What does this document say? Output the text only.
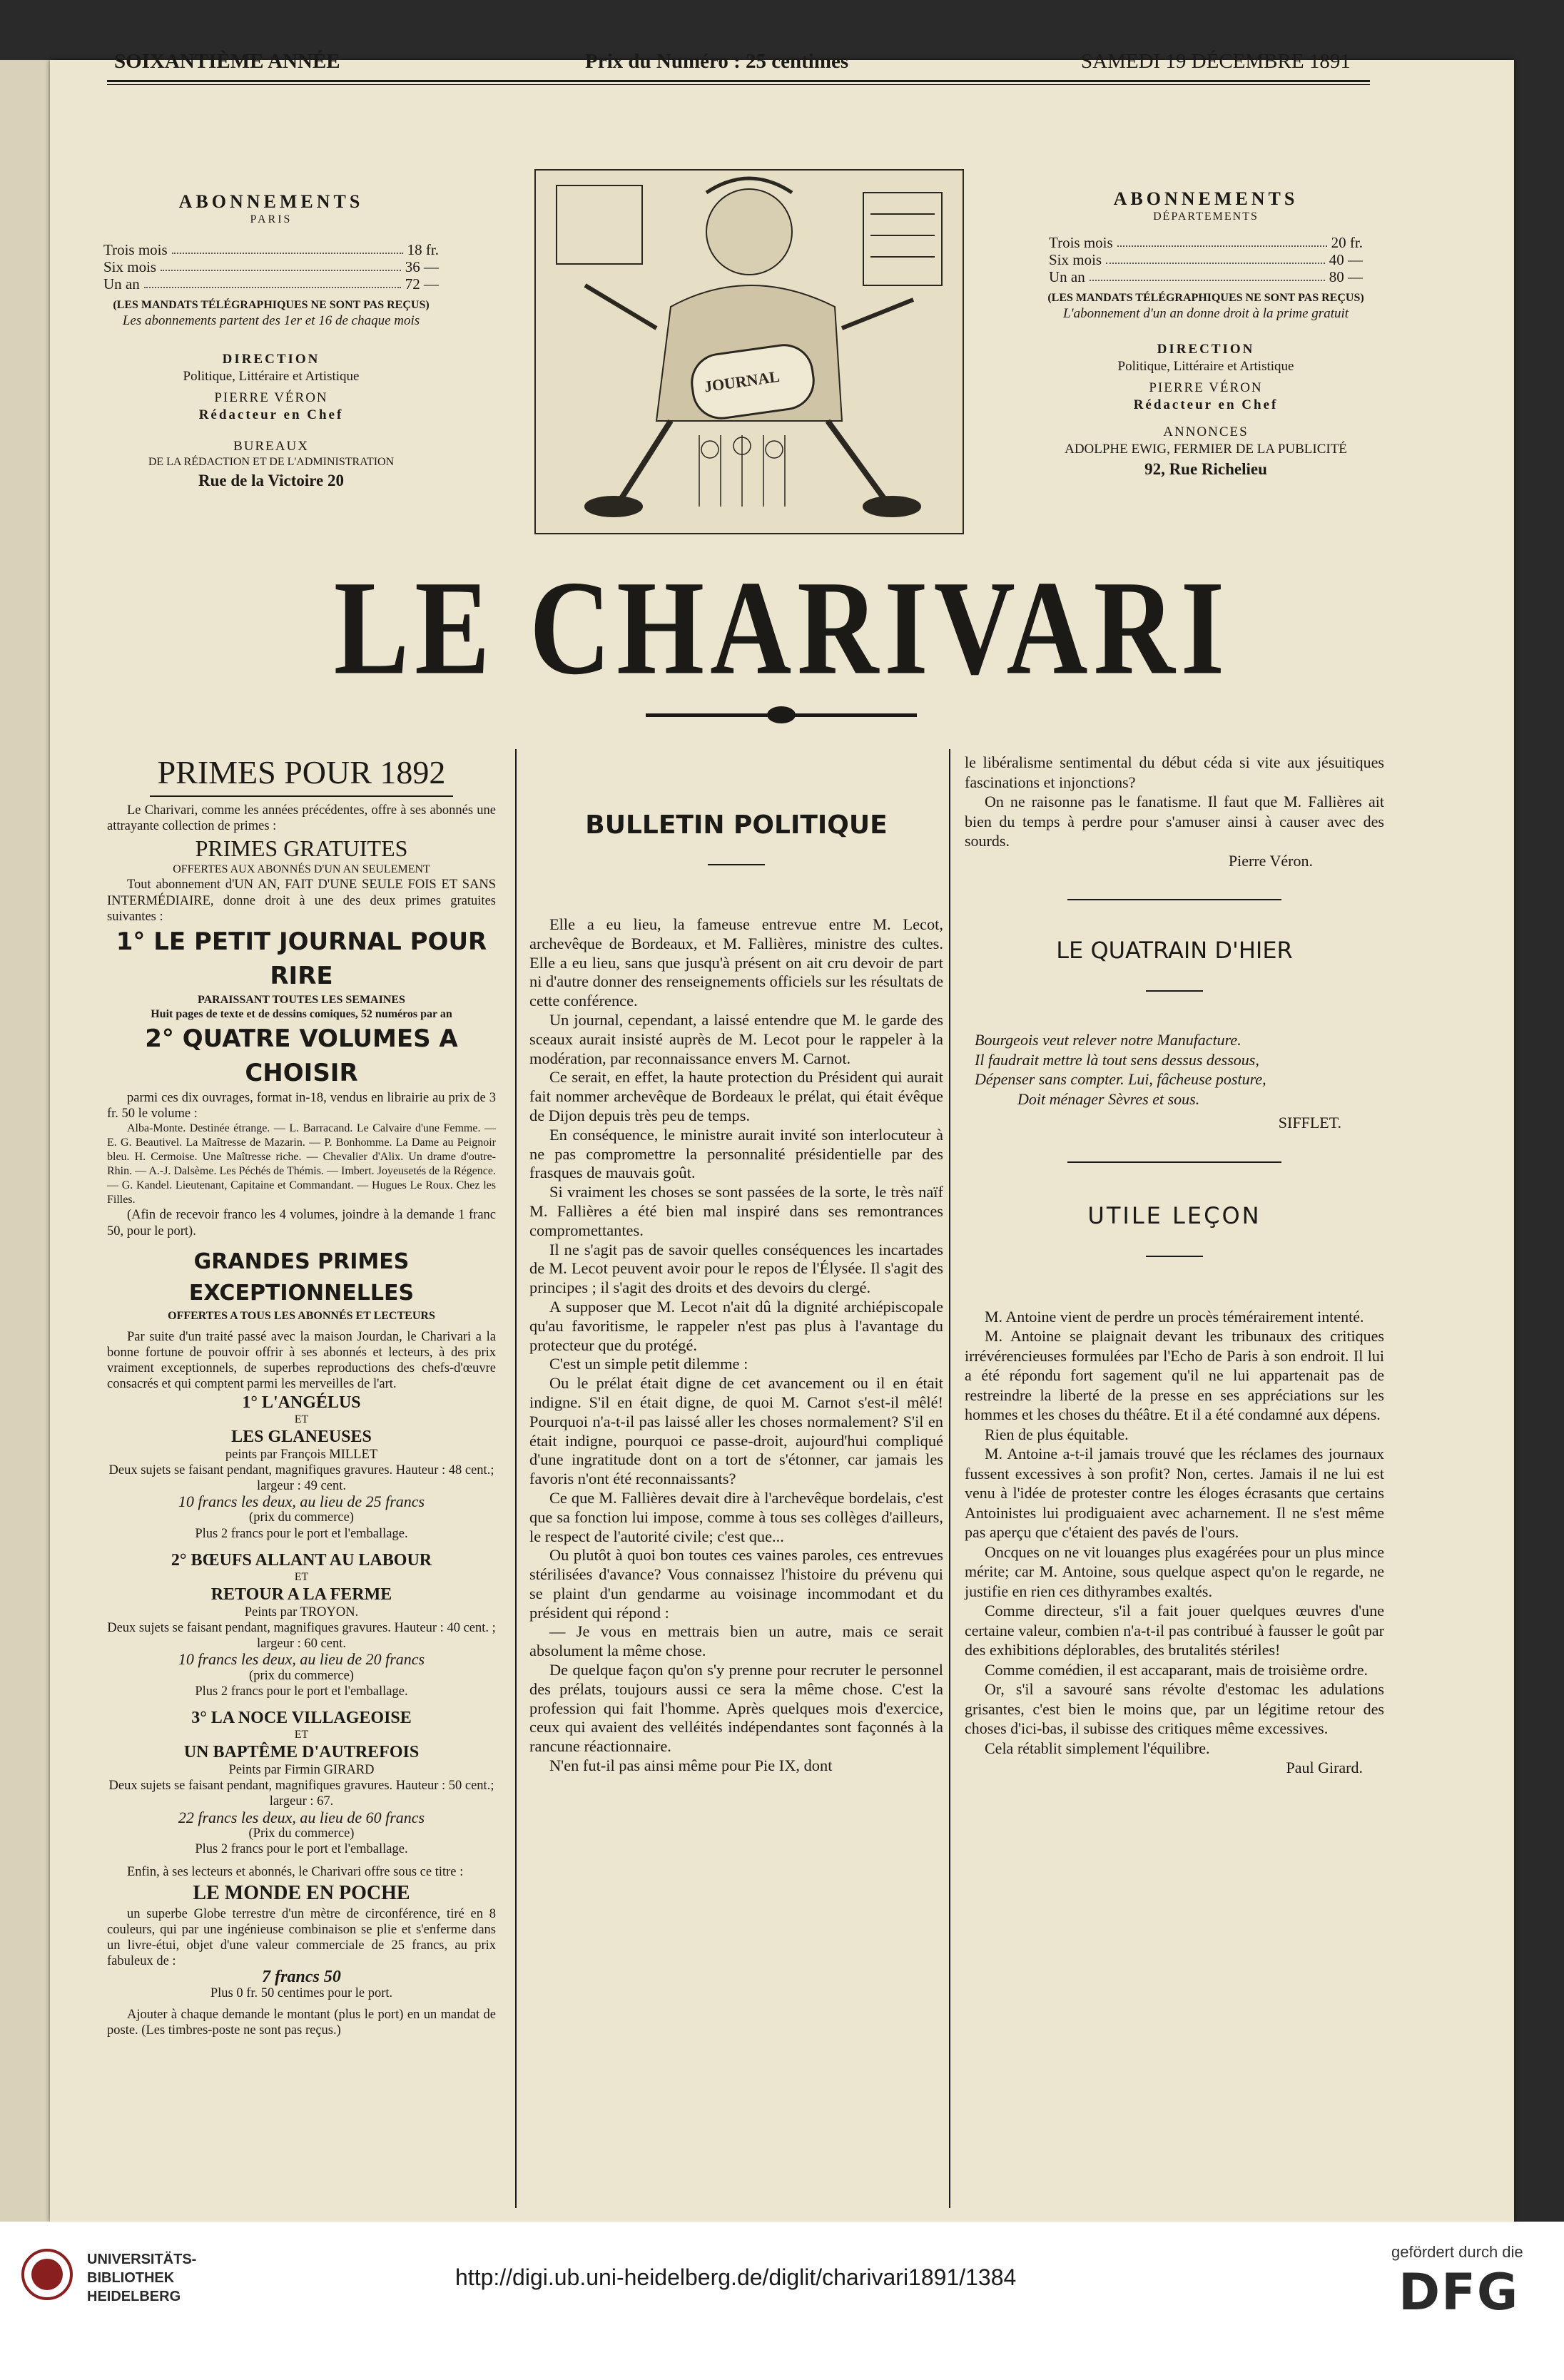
SOIXANTIÈME ANNÉE	Prix du Numéro : 25 centimes	SAMEDI 19 DÉCEMBRE 1891
ABONNEMENTS
PARIS
Trois mois	18 fr.
Six mois	36 —
Un an	72 —
(LES MANDATS TÉLÉGRAPHIQUES NE SONT PAS REÇUS)
Les abonnements partent des 1er et 16 de chaque mois
DIRECTION
Politique, Littéraire et Artistique
PIERRE VÉRON
Rédacteur en Chef
BUREAUX
DE LA RÉDACTION ET DE L'ADMINISTRATION
Rue de la Victoire 20
JOURNAL
ABONNEMENTS
DÉPARTEMENTS
Trois mois	20 fr.
Six mois	40 —
Un an	80 —
(LES MANDATS TÉLÉGRAPHIQUES NE SONT PAS REÇUS)
L'abonnement d'un an donne droit à la prime gratuit
DIRECTION
Politique, Littéraire et Artistique
PIERRE VÉRON
Rédacteur en Chef
ANNONCES
ADOLPHE EWIG, FERMIER DE LA PUBLICITÉ
92, Rue Richelieu
LE CHARIVARI
PRIMES POUR 1892

Le Charivari, comme les années précédentes, offre à ses abonnés une attrayante collection de primes :

PRIMES GRATUITES
OFFERTES AUX ABONNÉS D'UN AN SEULEMENT

Tout abonnement d'UN AN, FAIT D'UNE SEULE FOIS ET SANS INTERMÉDIAIRE, donne droit à une des deux primes gratuites suivantes :

1° LE PETIT JOURNAL POUR RIRE
PARAISSANT TOUTES LES SEMAINES
Huit pages de texte et de dessins comiques, 52 numéros par an
2° QUATRE VOLUMES A CHOISIR

parmi ces dix ouvrages, format in-18, vendus en librairie au prix de 3 fr. 50 le volume :

Alba-Monte. Destinée étrange. — L. Barracand. Le Calvaire d'une Femme. — E. G. Beautivel. La Maîtresse de Mazarin. — P. Bonhomme. La Dame au Peignoir bleu. H. Cermoise. Une Maîtresse riche. — Chevalier d'Alix. Un drame d'outre-Rhin. — A.-J. Dalsème. Les Péchés de Thémis. — Imbert. Joyeusetés de la Régence. — G. Kandel. Lieutenant, Capitaine et Commandant. — Hugues Le Roux. Chez les Filles.

(Afin de recevoir franco les 4 volumes, joindre à la demande 1 franc 50, pour le port).

GRANDES PRIMES EXCEPTIONNELLES
OFFERTES A TOUS LES ABONNÉS ET LECTEURS

Par suite d'un traité passé avec la maison Jourdan, le Charivari a la bonne fortune de pouvoir offrir à ses abonnés et lecteurs, à des prix vraiment exceptionnels, de superbes reproductions des chefs-d'œuvre consacrés et qui comptent parmi les merveilles de l'art.

1° L'ANGÉLUS
ET
LES GLANEUSES
peints par François MILLET
Deux sujets se faisant pendant, magnifiques gravures. Hauteur : 48 cent.; largeur : 49 cent.
10 francs les deux, au lieu de 25 francs
(prix du commerce)
Plus 2 francs pour le port et l'emballage.
2° BŒUFS ALLANT AU LABOUR
ET
RETOUR A LA FERME
Peints par TROYON.
Deux sujets se faisant pendant, magnifiques gravures. Hauteur : 40 cent. ; largeur : 60 cent.
10 francs les deux, au lieu de 20 francs
(prix du commerce)
Plus 2 francs pour le port et l'emballage.
3° LA NOCE VILLAGEOISE
ET
UN BAPTÊME D'AUTREFOIS
Peints par Firmin GIRARD
Deux sujets se faisant pendant, magnifiques gravures. Hauteur : 50 cent.; largeur : 67.
22 francs les deux, au lieu de 60 francs
(Prix du commerce)
Plus 2 francs pour le port et l'emballage.

Enfin, à ses lecteurs et abonnés, le Charivari offre sous ce titre :

LE MONDE EN POCHE

un superbe Globe terrestre d'un mètre de circonférence, tiré en 8 couleurs, qui par une ingénieuse combinaison se plie et s'enferme dans un livre-étui, objet d'une valeur commerciale de 25 francs, au prix fabuleux de :

7 francs 50
Plus 0 fr. 50 centimes pour le port.

Ajouter à chaque demande le montant (plus le port) en un mandat de poste. (Les timbres-poste ne sont pas reçus.)

BULLETIN POLITIQUE

Elle a eu lieu, la fameuse entrevue entre M. Lecot, archevêque de Bordeaux, et M. Fallières, ministre des cultes. Elle a eu lieu, sans que jusqu'à présent on ait cru devoir de part ni d'autre donner des renseignements officiels sur les résultats de cette conférence.

Un journal, cependant, a laissé entendre que M. le garde des sceaux aurait insisté auprès de M. Lecot pour le rappeler à la modération, par reconnaissance envers M. Carnot.

Ce serait, en effet, la haute protection du Président qui aurait fait nommer archevêque de Bordeaux le prélat, qui était évêque de Dijon depuis très peu de temps.

En conséquence, le ministre aurait invité son interlocuteur à ne pas compromettre la personnalité présidentielle par des frasques de mauvais goût.

Si vraiment les choses se sont passées de la sorte, le très naïf M. Fallières a été bien mal inspiré dans ses remontrances compromettantes.

Il ne s'agit pas de savoir quelles conséquences les incartades de M. Lecot peuvent avoir pour le repos de l'Élysée. Il s'agit des principes ; il s'agit des droits et des devoirs du clergé.

A supposer que M. Lecot n'ait dû la dignité archiépiscopale qu'au favoritisme, le rappeler n'est pas plus à l'avantage du protecteur que du protégé.

C'est un simple petit dilemme :

Ou le prélat était digne de cet avancement ou il en était indigne. S'il en était digne, de quoi M. Carnot s'est-il mêlé! Pourquoi n'a-t-il pas laissé aller les choses normalement? S'il en était indigne, pourquoi ce passe-droit, aujourd'hui compliqué d'une ingratitude dont on a tort de s'étonner, car jamais les favoris n'ont été reconnaissants?

Ce que M. Fallières devait dire à l'archevêque bordelais, c'est que sa fonction lui impose, comme à tous ses collèges d'ailleurs, le respect de l'autorité civile; c'est que...

Ou plutôt à quoi bon toutes ces vaines paroles, ces entrevues stérilisées d'avance? Vous connaissez l'histoire du prévenu qui se plaint d'un gendarme au voisinage incommodant et du président qui répond :

— Je vous en mettrais bien un autre, mais ce serait absolument la même chose.

De quelque façon qu'on s'y prenne pour recruter le personnel des prélats, toujours aussi ce sera la même chose. C'est la profession qui fait l'homme. Après quelques mois d'exercice, ceux qui avaient des velléités indépendantes sont façonnés à la rancune réactionnaire.

N'en fut-il pas ainsi même pour Pie IX, dont

le libéralisme sentimental du début céda si vite aux jésuitiques fascinations et injonctions?

On ne raisonne pas le fanatisme. Il faut que M. Fallières ait bien du temps à perdre pour s'amuser ainsi à causer avec des sourds.

Pierre Véron.
LE QUATRAIN D'HIER
Bourgeois veut relever notre Manufacture.
Il faudrait mettre là tout sens dessus dessous,
Dépenser sans compter. Lui, fâcheuse posture,
Doit ménager Sèvres et sous.
SIFFLET.
UTILE LEÇON

M. Antoine vient de perdre un procès témérairement intenté.

M. Antoine se plaignait devant les tribunaux des critiques irrévérencieuses formulées par l'Echo de Paris à son endroit. Il lui a été répondu fort sagement qu'il ne lui appartenait pas de restreindre la liberté de la presse en ses appréciations sur les hommes et les choses du théâtre. Et il a été condamné aux dépens.

Rien de plus équitable.

M. Antoine a-t-il jamais trouvé que les réclames des journaux fussent excessives à son profit? Non, certes. Jamais il ne lui est venu à l'idée de protester contre les éloges écrasants que certains Antoinistes lui prodiguaient avec acharnement. Il ne s'est même pas aperçu que c'étaient des pavés de l'ours.

Oncques on ne vit louanges plus exagérées pour un plus mince mérite; car M. Antoine, sous quelque aspect qu'on le regarde, ne justifie en rien ces dithyrambes exaltés.

Comme directeur, s'il a fait jouer quelques œuvres d'une certaine valeur, combien n'a-t-il pas contribué à fausser le goût par des exhibitions déplorables, des brutalités stériles!

Comme comédien, il est accaparant, mais de troisième ordre.

Or, s'il a savouré sans révolte d'estomac les adulations grisantes, c'est bien le moins que, par un légitime retour des choses d'ici-bas, il subisse des critiques même excessives.

Cela rétablit simplement l'équilibre.

Paul Girard.
UNIVERSITÄTS-
BIBLIOTHEK
HEIDELBERG
http://digi.ub.uni-heidelberg.de/diglit/charivari1891/1384
gefördert durch die
DFG
